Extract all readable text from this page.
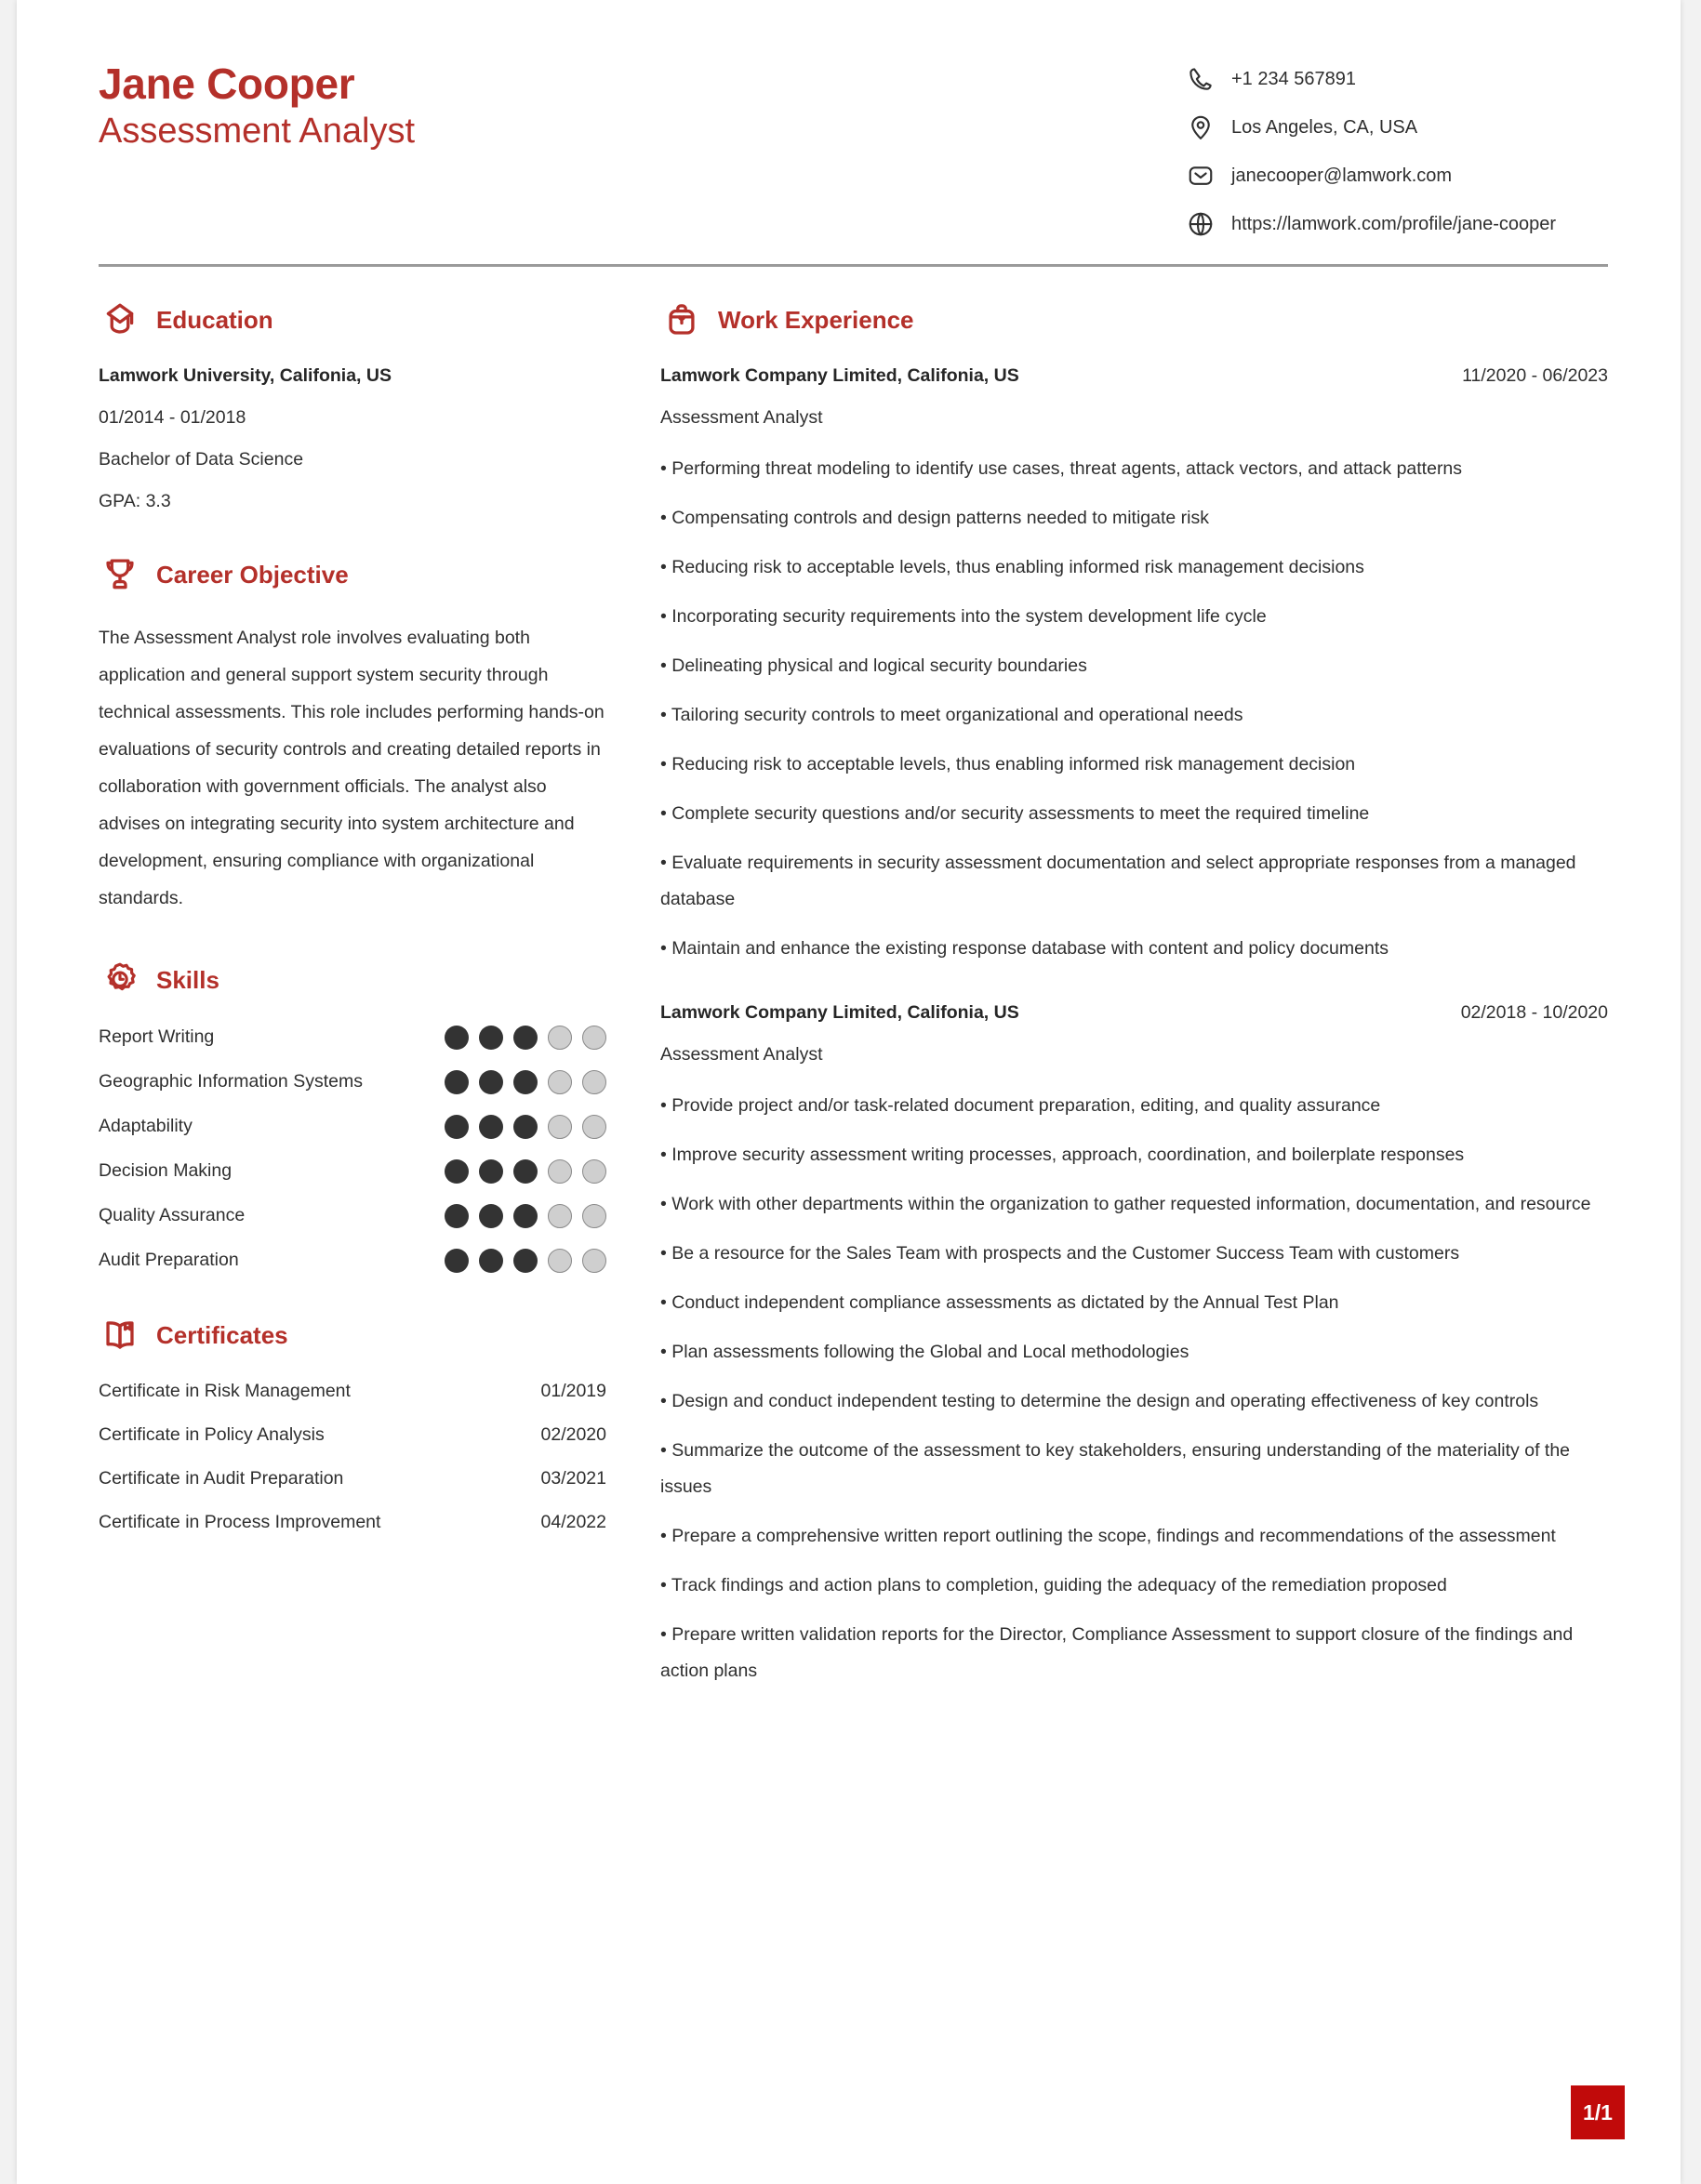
Jane Cooper
Assessment Analyst
+1 234 567891
Los Angeles, CA, USA
janecooper@lamwork.com
https://lamwork.com/profile/jane-cooper
Education
Lamwork University, Califonia, US
01/2014 - 01/2018
Bachelor of Data Science
GPA: 3.3
Career Objective
The Assessment Analyst role involves evaluating both application and general support system security through technical assessments. This role includes performing hands-on evaluations of security controls and creating detailed reports in collaboration with government officials. The analyst also advises on integrating security into system architecture and development, ensuring compliance with organizational standards.
Skills
Report Writing
Geographic Information Systems
Adaptability
Decision Making
Quality Assurance
Audit Preparation
Certificates
Certificate in Risk Management	01/2019
Certificate in Policy Analysis	02/2020
Certificate in Audit Preparation	03/2021
Certificate in Process Improvement	04/2022
Work Experience
Lamwork Company Limited, Califonia, US	11/2020 - 06/2023
Assessment Analyst
• Performing threat modeling to identify use cases, threat agents, attack vectors, and attack patterns
• Compensating controls and design patterns needed to mitigate risk
• Reducing risk to acceptable levels, thus enabling informed risk management decisions
• Incorporating security requirements into the system development life cycle
• Delineating physical and logical security boundaries
• Tailoring security controls to meet organizational and operational needs
• Reducing risk to acceptable levels, thus enabling informed risk management decision
• Complete security questions and/or security assessments to meet the required timeline
• Evaluate requirements in security assessment documentation and select appropriate responses from a managed database
• Maintain and enhance the existing response database with content and policy documents
Lamwork Company Limited, Califonia, US	02/2018 - 10/2020
Assessment Analyst
• Provide project and/or task-related document preparation, editing, and quality assurance
• Improve security assessment writing processes, approach, coordination, and boilerplate responses
• Work with other departments within the organization to gather requested information, documentation, and resource
• Be a resource for the Sales Team with prospects and the Customer Success Team with customers
• Conduct independent compliance assessments as dictated by the Annual Test Plan
• Plan assessments following the Global and Local methodologies
• Design and conduct independent testing to determine the design and operating effectiveness of key controls
• Summarize the outcome of the assessment to key stakeholders, ensuring understanding of the materiality of the issues
• Prepare a comprehensive written report outlining the scope, findings and recommendations of the assessment
• Track findings and action plans to completion, guiding the adequacy of the remediation proposed
• Prepare written validation reports for the Director, Compliance Assessment to support closure of the findings and action plans
1/1
